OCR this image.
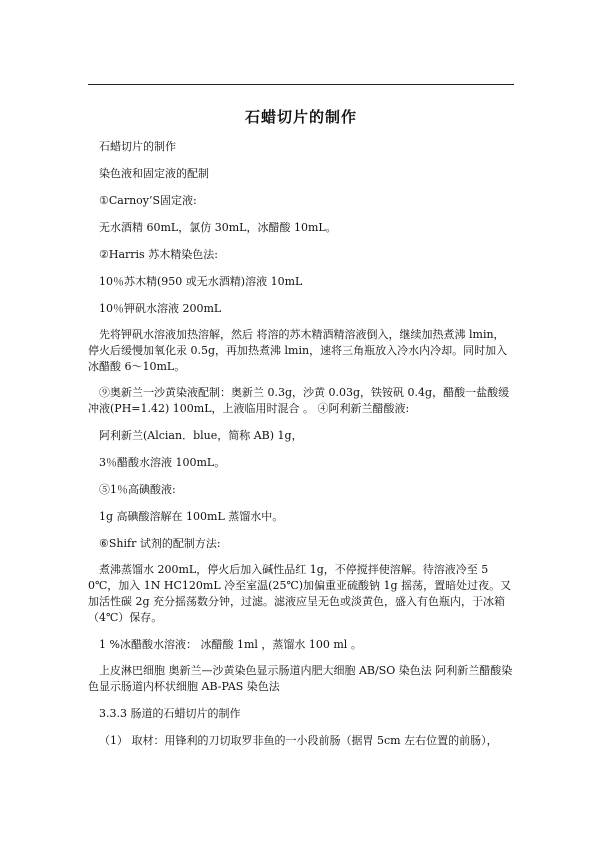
石蜡切片的制作

石蜡切片的制作

染色液和固定液的配制

①Carnoy’S固定液:

无水酒精 60mL，氯仿 30mL，冰醋酸 10mL。

②Harris 苏木精染色法:

10％苏木精(950 或无水酒精)溶液 10mL

10％钾矾水溶液 200mL

先将钾矾水溶液加热溶解，然后 将溶的苏木精酒精溶液倒入，继续加热煮沸 lmin，停火后缓慢加氧化汞 0.5g，再加热煮沸 lmin，速将三角瓶放入冷水内冷却。同时加入冰醋酸 6～10mL。

⑨奥新兰一沙黄染液配制：奥新兰 0.3g，沙黄 0.03g，铁铵矾 0.4g，醋酸一盐酸缓冲液(PH=1.42) 100mL，上液临用时混合 。 ④阿利新兰醋酸液:

阿利新兰(Alcian．blue，简称 AB) 1g，

3％醋酸水溶液 100mL。

⑤1％高碘酸液:

1g 高碘酸溶解在 100mL 蒸馏水中。

⑥Shifr 试剂的配制方法:

煮沸蒸馏水 200mL，停火后加入碱性品红 1g，不停搅拌使溶解。待溶液冷至 50℃，加入 1N HC120mL 冷至室温(25℃)加偏重亚硫酸钠 1g 摇荡，置暗处过夜。又加活性碳 2g 充分摇荡数分钟，过滤。滤液应呈无色或淡黄色，盛入有色瓶内，于冰箱（4℃）保存。

1 %冰醋酸水溶液： 冰醋酸 1ml ，蒸馏水 100 ml 。

上皮淋巴细胞 奥新兰—沙黄染色显示肠道内肥大细胞 AB/SO 染色法 阿利新兰醋酸染色显示肠道内杯状细胞 AB-PAS 染色法

3.3.3 肠道的石蜡切片的制作

（1） 取材：用锋利的刀切取罗非鱼的一小段前肠（据胃 5cm 左右位置的前肠），
